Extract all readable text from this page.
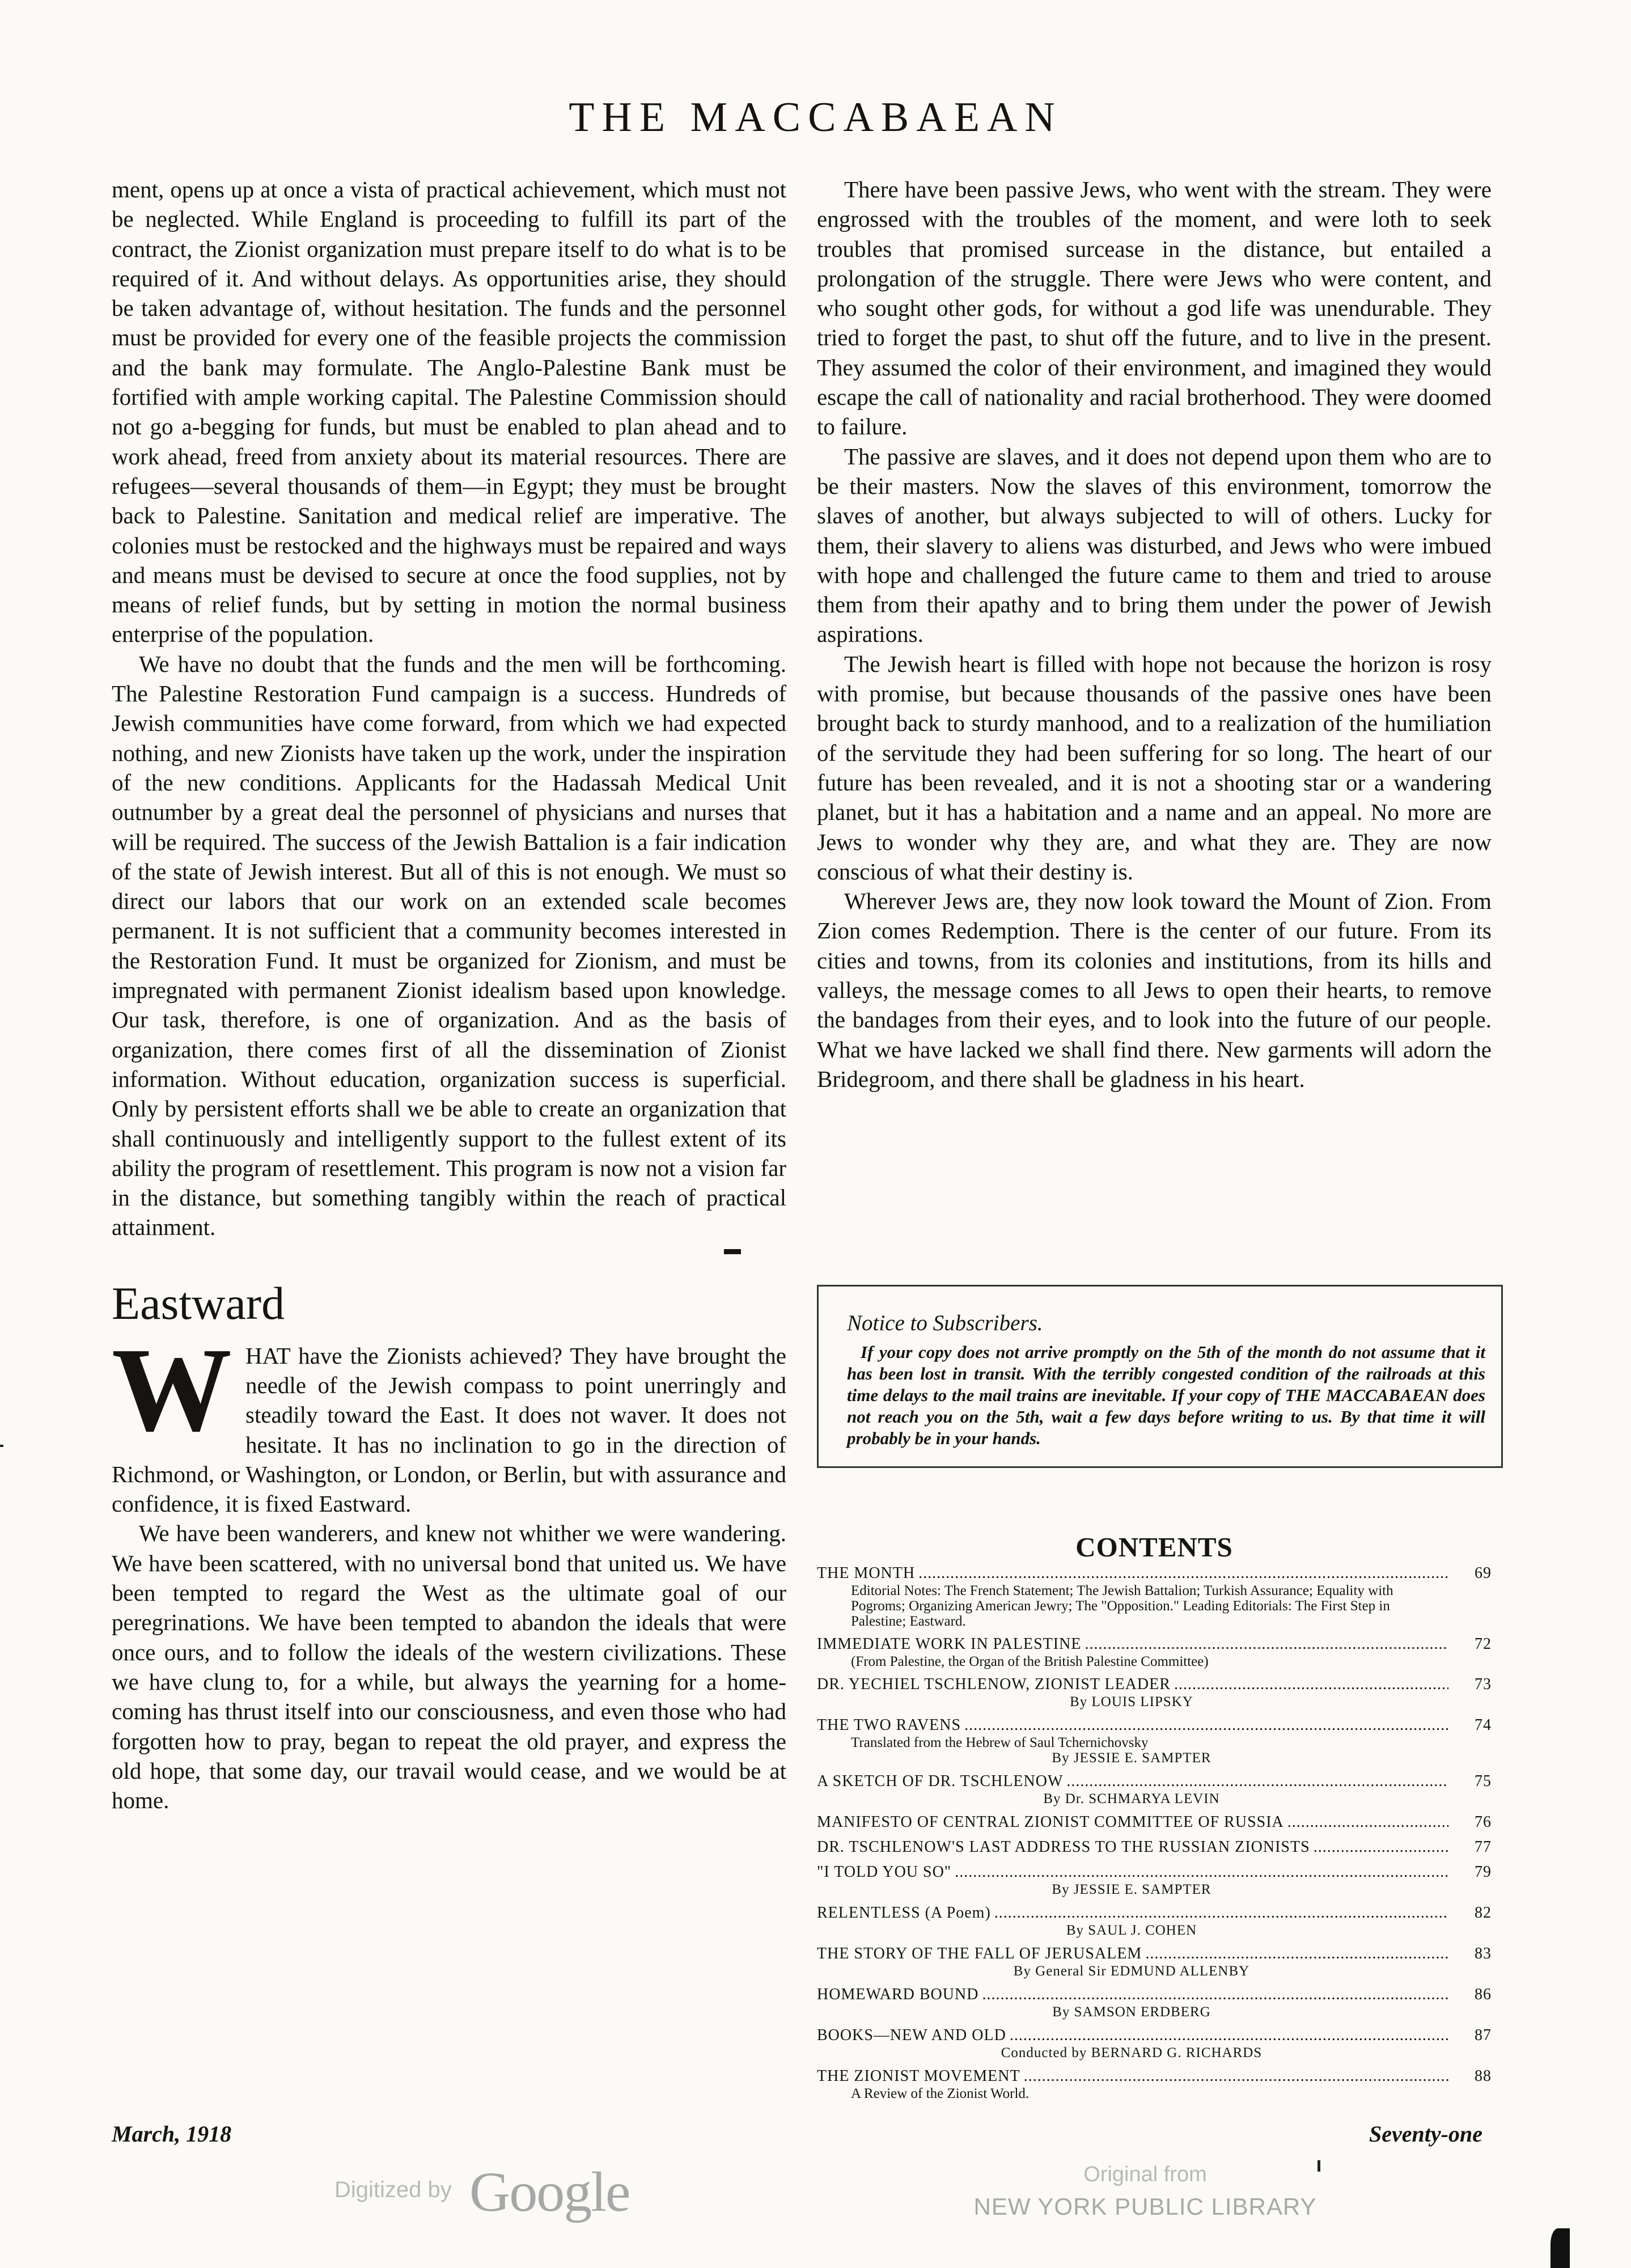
THE MACCABAEAN

ment, opens up at once a vista of practical achievement, which must not be neglected. While England is proceeding to fulfill its part of the contract, the Zionist organization must prepare itself to do what is to be required of it. And without delays. As opportunities arise, they should be taken advantage of, without hesitation. The funds and the personnel must be provided for every one of the feasible projects the commission and the bank may formulate. The Anglo-Palestine Bank must be fortified with ample working capital. The Palestine Commission should not go a-begging for funds, but must be enabled to plan ahead and to work ahead, freed from anxiety about its material resources. There are refugees—several thousands of them—in Egypt; they must be brought back to Palestine. Sanitation and medical relief are imperative. The colonies must be restocked and the highways must be repaired and ways and means must be devised to secure at once the food supplies, not by means of relief funds, but by setting in motion the normal business enterprise of the population.

We have no doubt that the funds and the men will be forthcoming. The Palestine Restoration Fund campaign is a success. Hundreds of Jewish communities have come forward, from which we had expected nothing, and new Zionists have taken up the work, under the inspiration of the new conditions. Applicants for the Hadassah Medical Unit outnumber by a great deal the personnel of physicians and nurses that will be required. The success of the Jewish Battalion is a fair indication of the state of Jewish interest. But all of this is not enough. We must so direct our labors that our work on an extended scale becomes permanent. It is not sufficient that a community becomes interested in the Restoration Fund. It must be organized for Zionism, and must be impregnated with permanent Zionist idealism based upon knowledge. Our task, therefore, is one of organization. And as the basis of organization, there comes first of all the dissemination of Zionist information. Without education, organization success is superficial. Only by persistent efforts shall we be able to create an organization that shall continuously and intelligently support to the fullest extent of its ability the program of resettlement. This program is now not a vision far in the distance, but something tangibly within the reach of practical attainment.

▬
Eastward

WHAT have the Zionists achieved? They have brought the needle of the Jewish compass to point unerringly and steadily toward the East. It does not waver. It does not hesitate. It has no inclination to go in the direction of Richmond, or Washington, or London, or Berlin, but with assurance and confidence, it is fixed Eastward.

We have been wanderers, and knew not whither we were wandering. We have been scattered, with no universal bond that united us. We have been tempted to regard the West as the ultimate goal of our peregrinations. We have been tempted to abandon the ideals that were once ours, and to follow the ideals of the western civilizations. These we have clung to, for a while, but always the yearning for a home-coming has thrust itself into our consciousness, and even those who had forgotten how to pray, began to repeat the old prayer, and express the old hope, that some day, our travail would cease, and we would be at home.

There have been passive Jews, who went with the stream. They were engrossed with the troubles of the moment, and were loth to seek troubles that promised surcease in the distance, but entailed a prolongation of the struggle. There were Jews who were content, and who sought other gods, for without a god life was unendurable. They tried to forget the past, to shut off the future, and to live in the present. They assumed the color of their environment, and imagined they would escape the call of nationality and racial brotherhood. They were doomed to failure.

The passive are slaves, and it does not depend upon them who are to be their masters. Now the slaves of this environment, tomorrow the slaves of another, but always subjected to will of others. Lucky for them, their slavery to aliens was disturbed, and Jews who were imbued with hope and challenged the future came to them and tried to arouse them from their apathy and to bring them under the power of Jewish aspirations.

The Jewish heart is filled with hope not because the horizon is rosy with promise, but because thousands of the passive ones have been brought back to sturdy manhood, and to a realization of the humiliation of the servitude they had been suffering for so long. The heart of our future has been revealed, and it is not a shooting star or a wandering planet, but it has a habitation and a name and an appeal. No more are Jews to wonder why they are, and what they are. They are now conscious of what their destiny is.

Wherever Jews are, they now look toward the Mount of Zion. From Zion comes Redemption. There is the center of our future. From its cities and towns, from its colonies and institutions, from its hills and valleys, the message comes to all Jews to open their hearts, to remove the bandages from their eyes, and to look into the future of our people. What we have lacked we shall find there. New garments will adorn the Bridegroom, and there shall be gladness in his heart.

Notice to Subscribers.
If your copy does not arrive promptly on the 5th of the month do not assume that it has been lost in transit. With the terribly congested condition of the railroads at this time delays to the mail trains are inevitable. If your copy of THE MACCABAEAN does not reach you on the 5th, wait a few days before writing to us. By that time it will probably be in your hands.
CONTENTS
THE MONTH .....	69
Editorial Notes: The French Statement; The Jewish Battalion; Turkish Assurance; Equality with Pogroms; Organizing American Jewry; The "Opposition." Leading Editorials: The First Step in Palestine; Eastward.
IMMEDIATE WORK IN PALESTINE .....	72
(From Palestine, the Organ of the British Palestine Committee)
DR. YECHIEL TSCHLENOW, ZIONIST LEADER .....	73
By LOUIS LIPSKY
THE TWO RAVENS .....	74
Translated from the Hebrew of Saul Tchernichovsky
By JESSIE E. SAMPTER
A SKETCH OF DR. TSCHLENOW .....	75
By Dr. SCHMARYA LEVIN
MANIFESTO OF CENTRAL ZIONIST COMMITTEE OF RUSSIA .....	76
DR. TSCHLENOW'S LAST ADDRESS TO THE RUSSIAN ZIONISTS .....	77
"I TOLD YOU SO" .....	79
By JESSIE E. SAMPTER
RELENTLESS (A Poem) .....	82
By SAUL J. COHEN
THE STORY OF THE FALL OF JERUSALEM .....	83
By General Sir EDMUND ALLENBY
HOMEWARD BOUND .....	86
By SAMSON ERDBERG
BOOKS—NEW AND OLD .....	87
Conducted by BERNARD G. RICHARDS
THE ZIONIST MOVEMENT .....	88
A Review of the Zionist World.
March, 1918	Seventy-one
Digitized by Google	Original from
NEW YORK PUBLIC LIBRARY
